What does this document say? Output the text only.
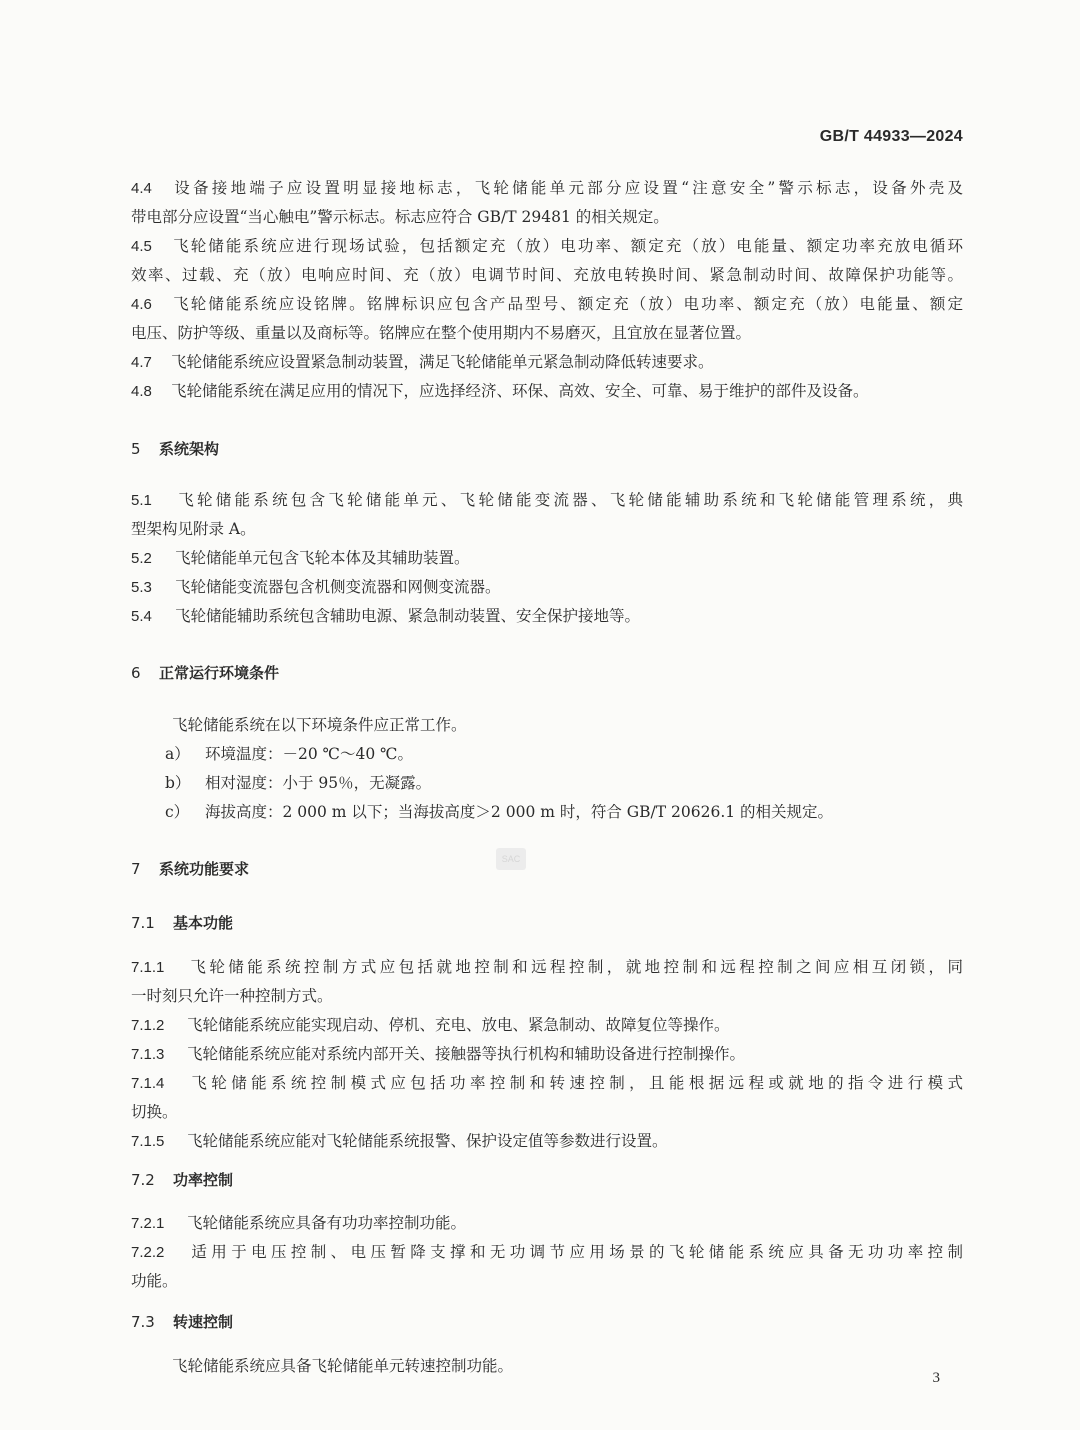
GB/T 44933—2024
4.4 设备接地端子应设置明显接地标志，飞轮储能单元部分应设置“注意安全”警示标志，设备外壳及
带电部分应设置“当心触电”警示标志。标志应符合 GB/T 29481 的相关规定。
4.5 飞轮储能系统应进行现场试验，包括额定充（放）电功率、额定充（放）电能量、额定功率充放电循环
效率、过载、充（放）电响应时间、充（放）电调节时间、充放电转换时间、紧急制动时间、故障保护功能等。
4.6 飞轮储能系统应设铭牌。铭牌标识应包含产品型号、额定充（放）电功率、额定充（放）电能量、额定
电压、防护等级、重量以及商标等。铭牌应在整个使用期内不易磨灭，且宜放在显著位置。
4.7 飞轮储能系统应设置紧急制动装置，满足飞轮储能单元紧急制动降低转速要求。
4.8 飞轮储能系统在满足应用的情况下，应选择经济、环保、高效、安全、可靠、易于维护的部件及设备。
5 系统架构
5.1 飞轮储能系统包含飞轮储能单元、飞轮储能变流器、飞轮储能辅助系统和飞轮储能管理系统，典
型架构见附录 A。
5.2 飞轮储能单元包含飞轮本体及其辅助装置。
5.3 飞轮储能变流器包含机侧变流器和网侧变流器。
5.4 飞轮储能辅助系统包含辅助电源、紧急制动装置、安全保护接地等。
6 正常运行环境条件
飞轮储能系统在以下环境条件应正常工作。
a） 环境温度：－20 ℃～40 ℃。
b） 相对湿度：小于 95％，无凝露。
c） 海拔高度：2 000 m 以下；当海拔高度＞2 000 m 时，符合 GB/T 20626.1 的相关规定。
SAC
7 系统功能要求
7.1 基本功能
7.1.1 飞轮储能系统控制方式应包括就地控制和远程控制，就地控制和远程控制之间应相互闭锁，同
一时刻只允许一种控制方式。
7.1.2 飞轮储能系统应能实现启动、停机、充电、放电、紧急制动、故障复位等操作。
7.1.3 飞轮储能系统应能对系统内部开关、接触器等执行机构和辅助设备进行控制操作。
7.1.4 飞轮储能系统控制模式应包括功率控制和转速控制，且能根据远程或就地的指令进行模式
切换。
7.1.5 飞轮储能系统应能对飞轮储能系统报警、保护设定值等参数进行设置。
7.2 功率控制
7.2.1 飞轮储能系统应具备有功功率控制功能。
7.2.2 适用于电压控制、电压暂降支撑和无功调节应用场景的飞轮储能系统应具备无功功率控制
功能。
7.3 转速控制
飞轮储能系统应具备飞轮储能单元转速控制功能。
3
